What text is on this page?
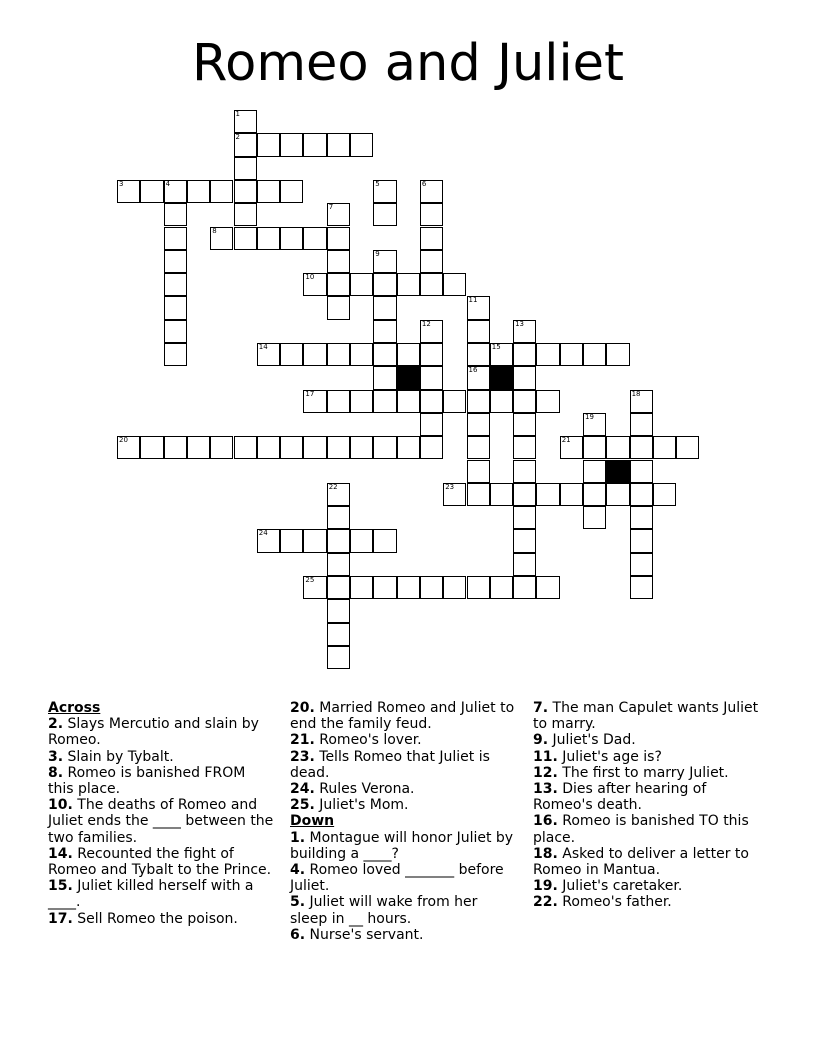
Romeo and Juliet
1
2
3	4	5	6
7
8
9
10
11
16
12	13
14	15
17	18
19
20	21
22	23
24
25

Across

2. Slays Mercutio and slain by Romeo.

3. Slain by Tybalt.

8. Romeo is banished FROM this place.

10. The deaths of Romeo and Juliet ends the ____ between the two families.

14. Recounted the fight of Romeo and Tybalt to the Prince.

15. Juliet killed herself with a ____.

17. Sell Romeo the poison.

20. Married Romeo and Juliet to end the family feud.

21. Romeo's lover.

23. Tells Romeo that Juliet is dead.

24. Rules Verona.

25. Juliet's Mom.

Down

1. Montague will honor Juliet by building a ____?

4. Romeo loved _______ before Juliet.

5. Juliet will wake from her sleep in __ hours.

6. Nurse's servant.

7. The man Capulet wants Juliet to marry.

9. Juliet's Dad.

11. Juliet's age is?

12. The first to marry Juliet.

13. Dies after hearing of Romeo's death.

16. Romeo is banished TO this place.

18. Asked to deliver a letter to Romeo in Mantua.

19. Juliet's caretaker.

22. Romeo's father.
